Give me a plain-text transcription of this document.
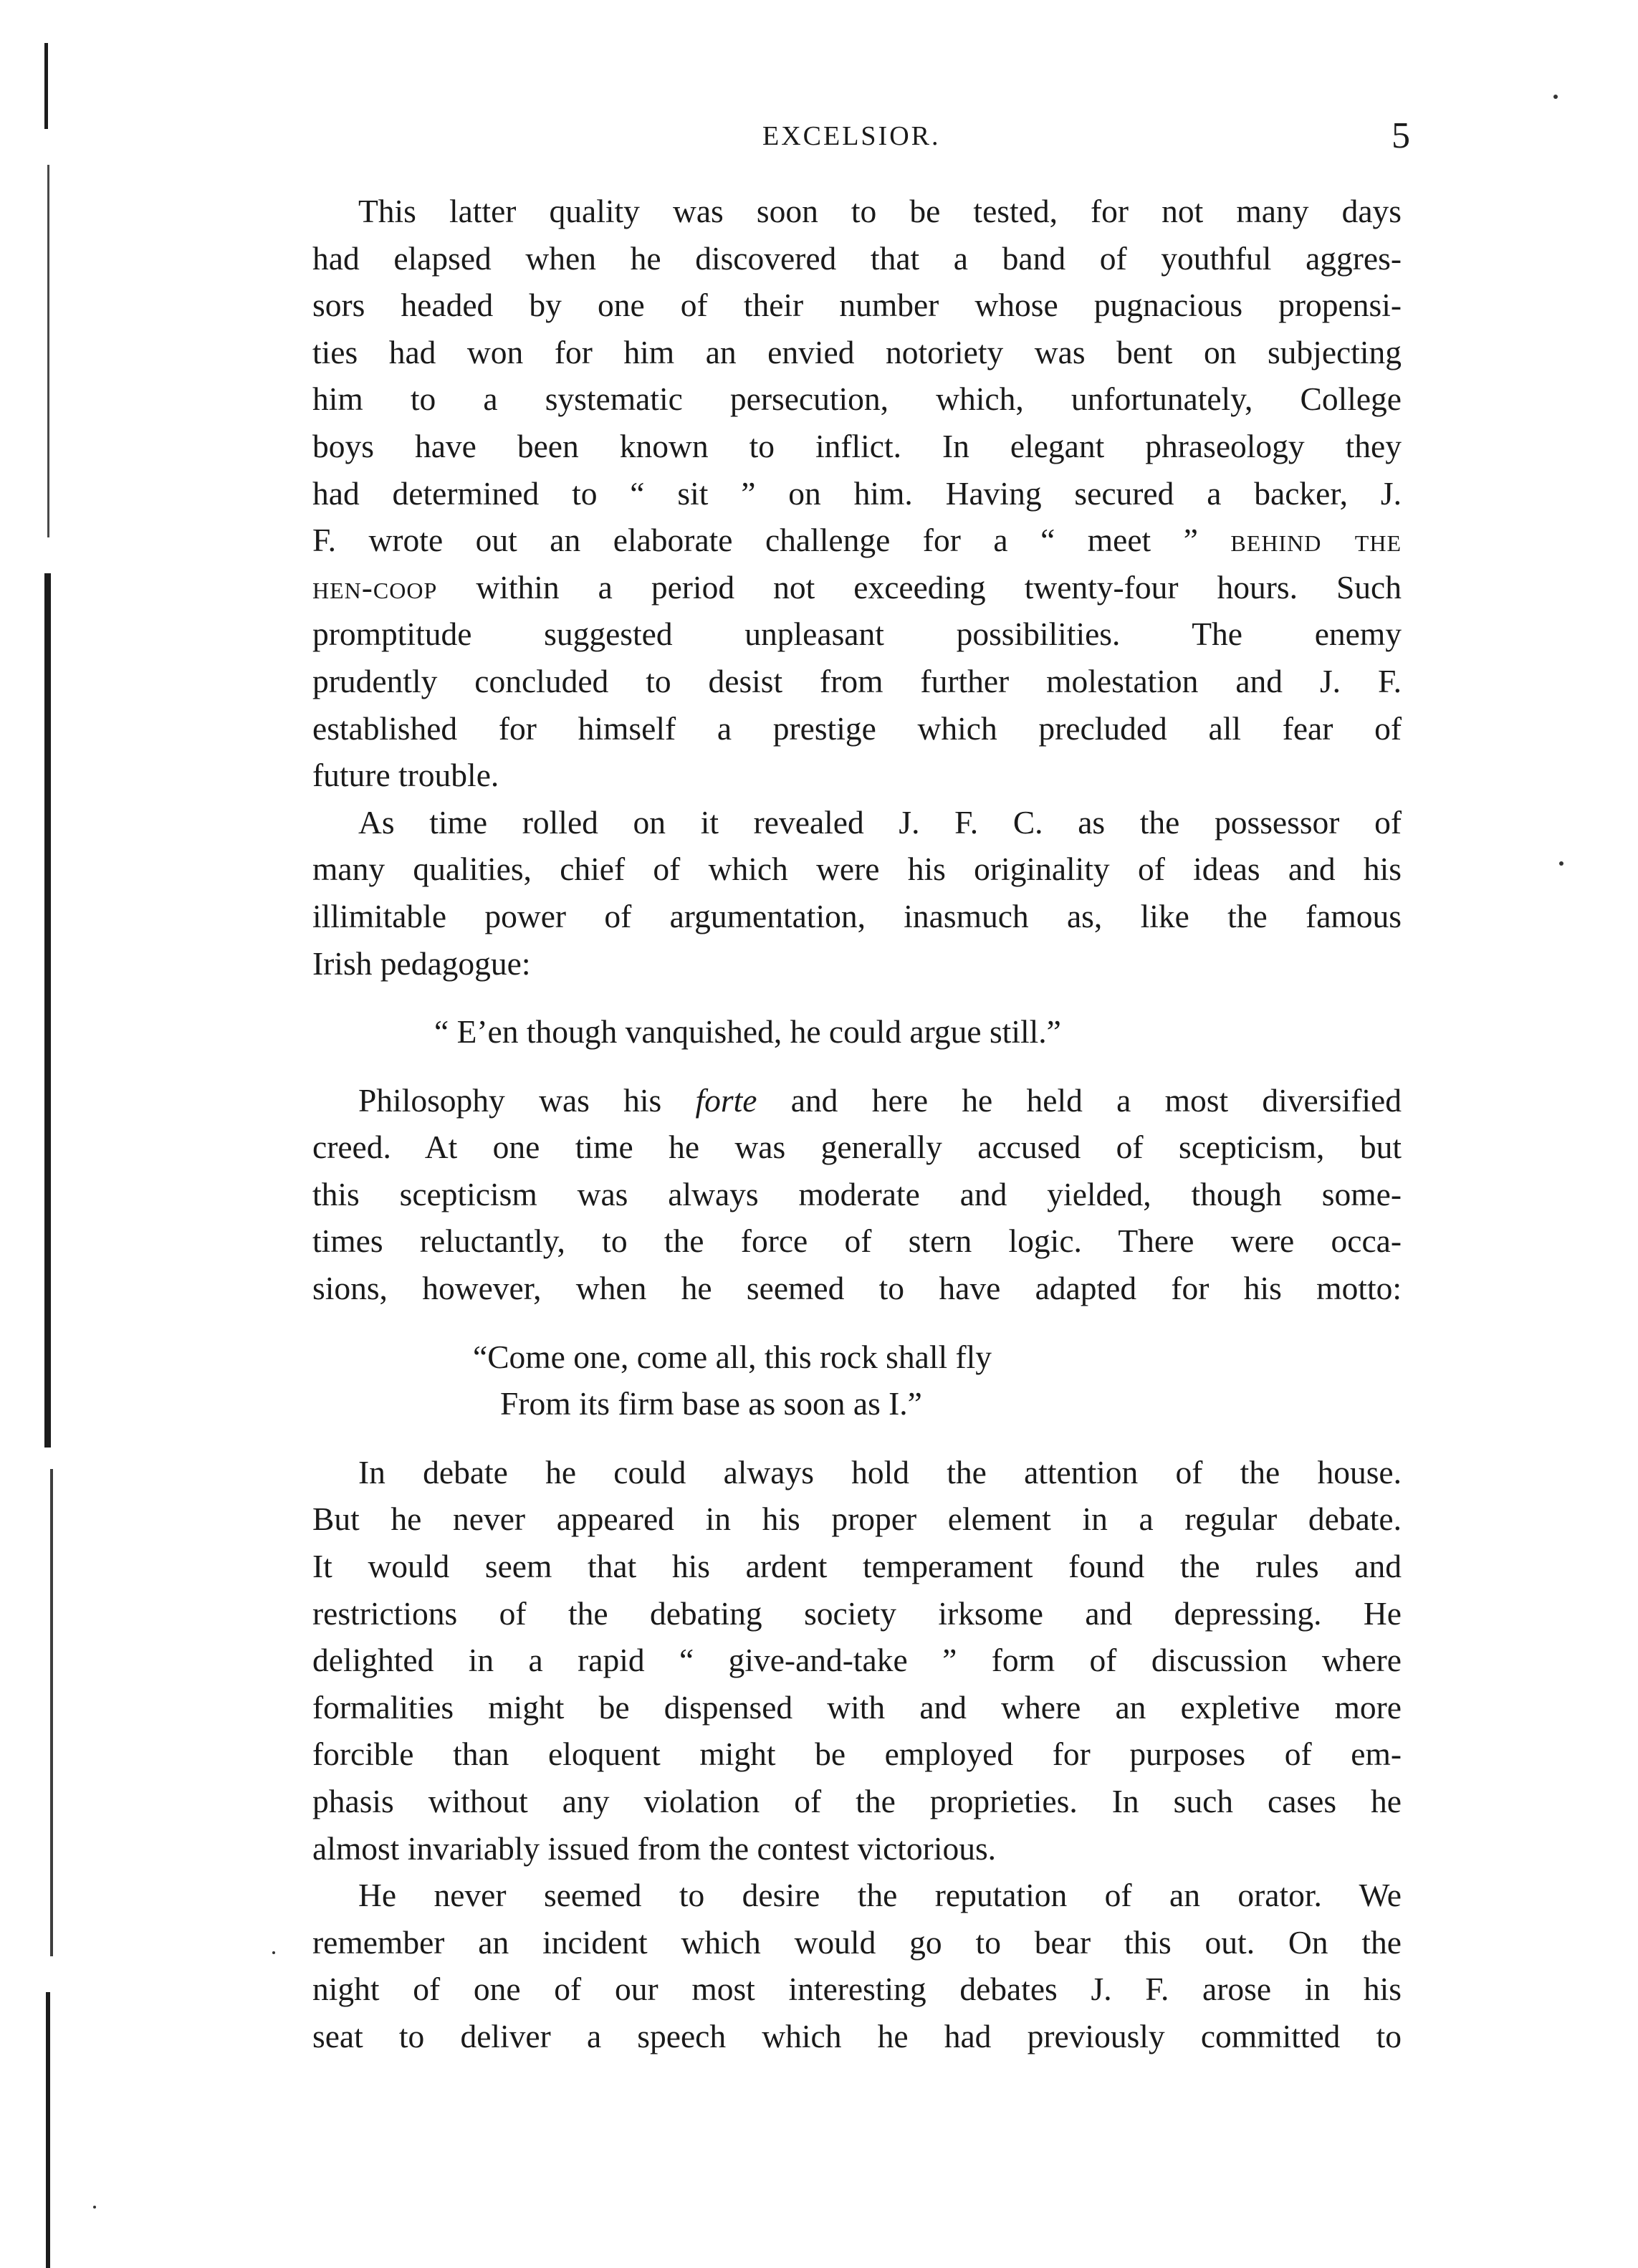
EXCELSIOR.	5
This latter quality was soon to be tested, for not many days
had elapsed when he discovered that a band of youthful aggres-
sors headed by one of their number whose pugnacious propensi-
ties had won for him an envied notoriety was bent on subjecting
him to a systematic persecution, which, unfortunately, College
boys have been known to inflict. In elegant phraseology they
had determined to “ sit ” on him. Having secured a backer, J.
F. wrote out an elaborate challenge for a “ meet ” behind the
hen-coop within a period not exceeding twenty-four hours. Such
promptitude suggested unpleasant possibilities. The enemy
prudently concluded to desist from further molestation and J. F.
established for himself a prestige which precluded all fear of
future trouble.
As time rolled on it revealed J. F. C. as the possessor of
many qualities, chief of which were his originality of ideas and his
illimitable power of argumentation, inasmuch as, like the famous
Irish pedagogue:
“ E’en though vanquished, he could argue still.”
Philosophy was his forte and here he held a most diversified
creed. At one time he was generally accused of scepticism, but
this scepticism was always moderate and yielded, though some-
times reluctantly, to the force of stern logic. There were occa-
sions, however, when he seemed to have adapted for his motto:
“Come one, come all, this rock shall fly
From its firm base as soon as I.”
In debate he could always hold the attention of the house.
But he never appeared in his proper element in a regular debate.
It would seem that his ardent temperament found the rules and
restrictions of the debating society irksome and depressing. He
delighted in a rapid “ give-and-take ” form of discussion where
formalities might be dispensed with and where an expletive more
forcible than eloquent might be employed for purposes of em-
phasis without any violation of the proprieties. In such cases he
almost invariably issued from the contest victorious.
He never seemed to desire the reputation of an orator. We
remember an incident which would go to bear this out. On the
night of one of our most interesting debates J. F. arose in his
seat to deliver a speech which he had previously committed to
